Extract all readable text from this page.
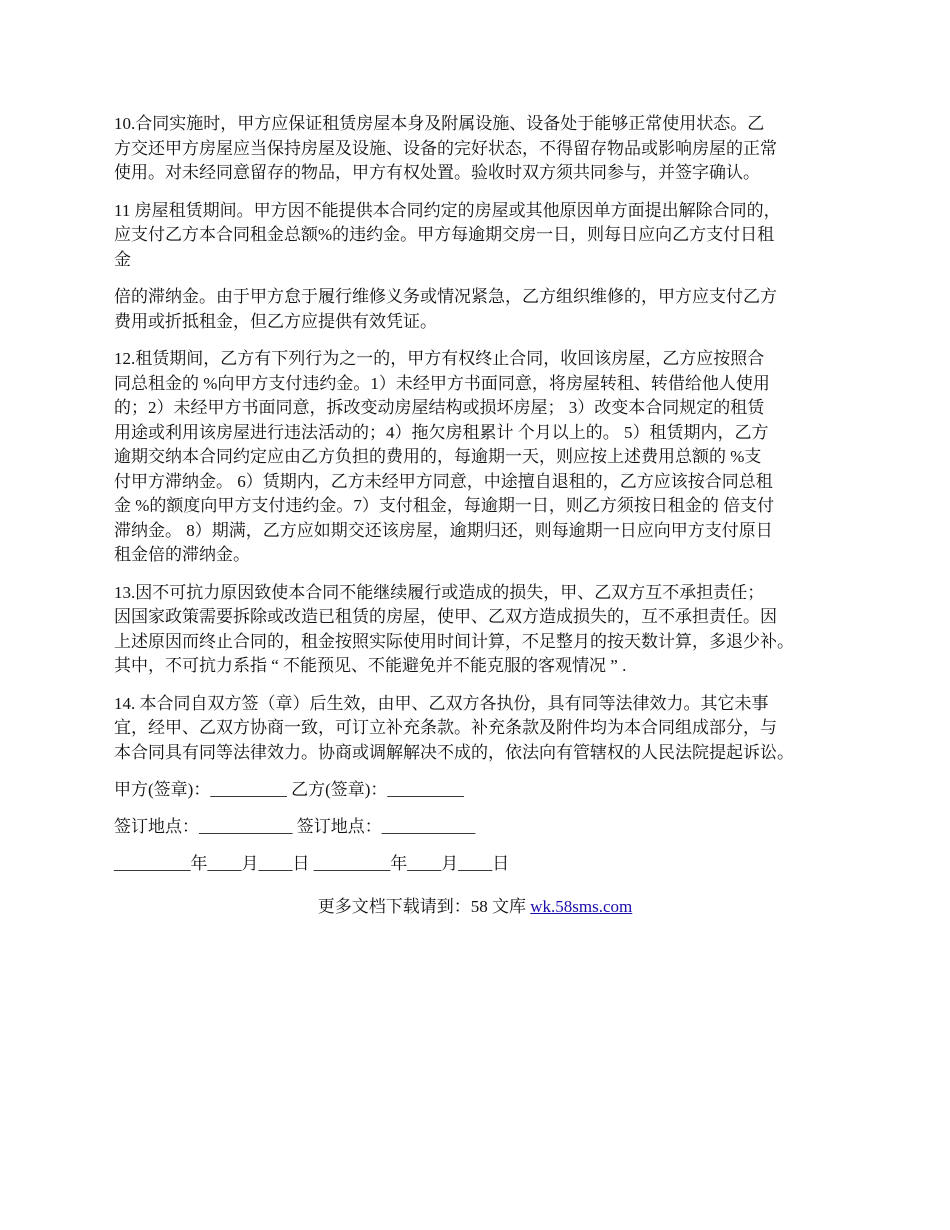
10.合同实施时，甲方应保证租赁房屋本身及附属设施、设备处于能够正常使用状态。乙
方交还甲方房屋应当保持房屋及设施、设备的完好状态，不得留存物品或影响房屋的正常
使用。对未经同意留存的物品，甲方有权处置。验收时双方须共同参与，并签字确认。
11 房屋租赁期间。甲方因不能提供本合同约定的房屋或其他原因单方面提出解除合同的，
应支付乙方本合同租金总额%的违约金。甲方每逾期交房一日，则每日应向乙方支付日租
金
倍的滞纳金。由于甲方怠于履行维修义务或情况紧急，乙方组织维修的，甲方应支付乙方
费用或折抵租金，但乙方应提供有效凭证。
12.租赁期间，乙方有下列行为之一的，甲方有权终止合同，收回该房屋，乙方应按照合
同总租金的 %向甲方支付违约金。1）未经甲方书面同意，将房屋转租、转借给他人使用
的；2）未经甲方书面同意，拆改变动房屋结构或损坏房屋； 3）改变本合同规定的租赁
用途或利用该房屋进行违法活动的；4）拖欠房租累计 个月以上的。 5）租赁期内，乙方
逾期交纳本合同约定应由乙方负担的费用的，每逾期一天，则应按上述费用总额的 %支
付甲方滞纳金。 6）赁期内，乙方未经甲方同意，中途擅自退租的，乙方应该按合同总租
金 %的额度向甲方支付违约金。7）支付租金，每逾期一日，则乙方须按日租金的 倍支付
滞纳金。 8）期满，乙方应如期交还该房屋，逾期归还，则每逾期一日应向甲方支付原日
租金倍的滞纳金。
13.因不可抗力原因致使本合同不能继续履行或造成的损失，甲、乙双方互不承担责任；
因国家政策需要拆除或改造已租赁的房屋，使甲、乙双方造成损失的，互不承担责任。因
上述原因而终止合同的，租金按照实际使用时间计算，不足整月的按天数计算，多退少补。
其中，不可抗力系指 “ 不能预见、不能避免并不能克服的客观情况 ” .
14. 本合同自双方签（章）后生效，由甲、乙双方各执份，具有同等法律效力。其它未事
宜，经甲、乙双方协商一致，可订立补充条款。补充条款及附件均为本合同组成部分，与
本合同具有同等法律效力。协商或调解解决不成的，依法向有管辖权的人民法院提起诉讼。
甲方(签章)：_________ 乙方(签章)：_________
签订地点：___________ 签订地点：___________
_________年____月____日 _________年____月____日
更多文档下载请到：58 文库 wk.58sms.com
